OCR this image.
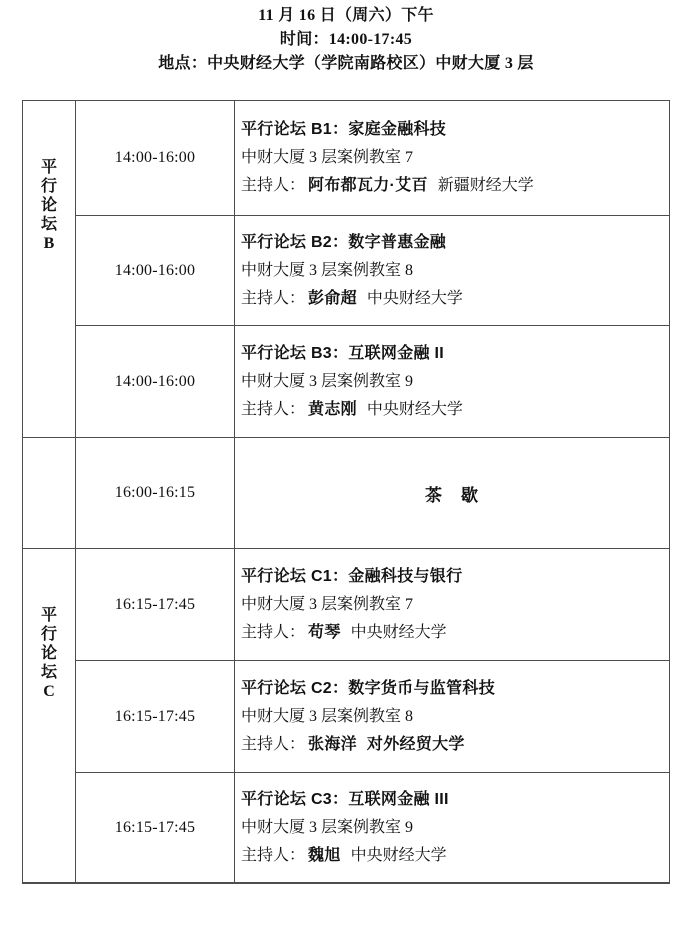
11 月 16 日（周六）下午
时间：14:00-17:45
地点：中央财经大学（学院南路校区）中财大厦 3 层
平
行
论
坛
B
平
行
论
坛
C
14:00-16:00
平行论坛 B1：家庭金融科技
中财大厦 3 层案例教室 7
主持人： 阿布都瓦力·艾百 新疆财经大学
14:00-16:00
平行论坛 B2：数字普惠金融
中财大厦 3 层案例教室 8
主持人： 彭俞超 中央财经大学
14:00-16:00
平行论坛 B3：互联网金融 II
中财大厦 3 层案例教室 9
主持人： 黄志刚 中央财经大学
16:00-16:15	茶　歇
16:15-17:45
平行论坛 C1：金融科技与银行
中财大厦 3 层案例教室 7
主持人： 苟琴 中央财经大学
16:15-17:45
平行论坛 C2：数字货币与监管科技
中财大厦 3 层案例教室 8
主持人： 张海洋 对外经贸大学
16:15-17:45
平行论坛 C3：互联网金融 III
中财大厦 3 层案例教室 9
主持人： 魏旭 中央财经大学
